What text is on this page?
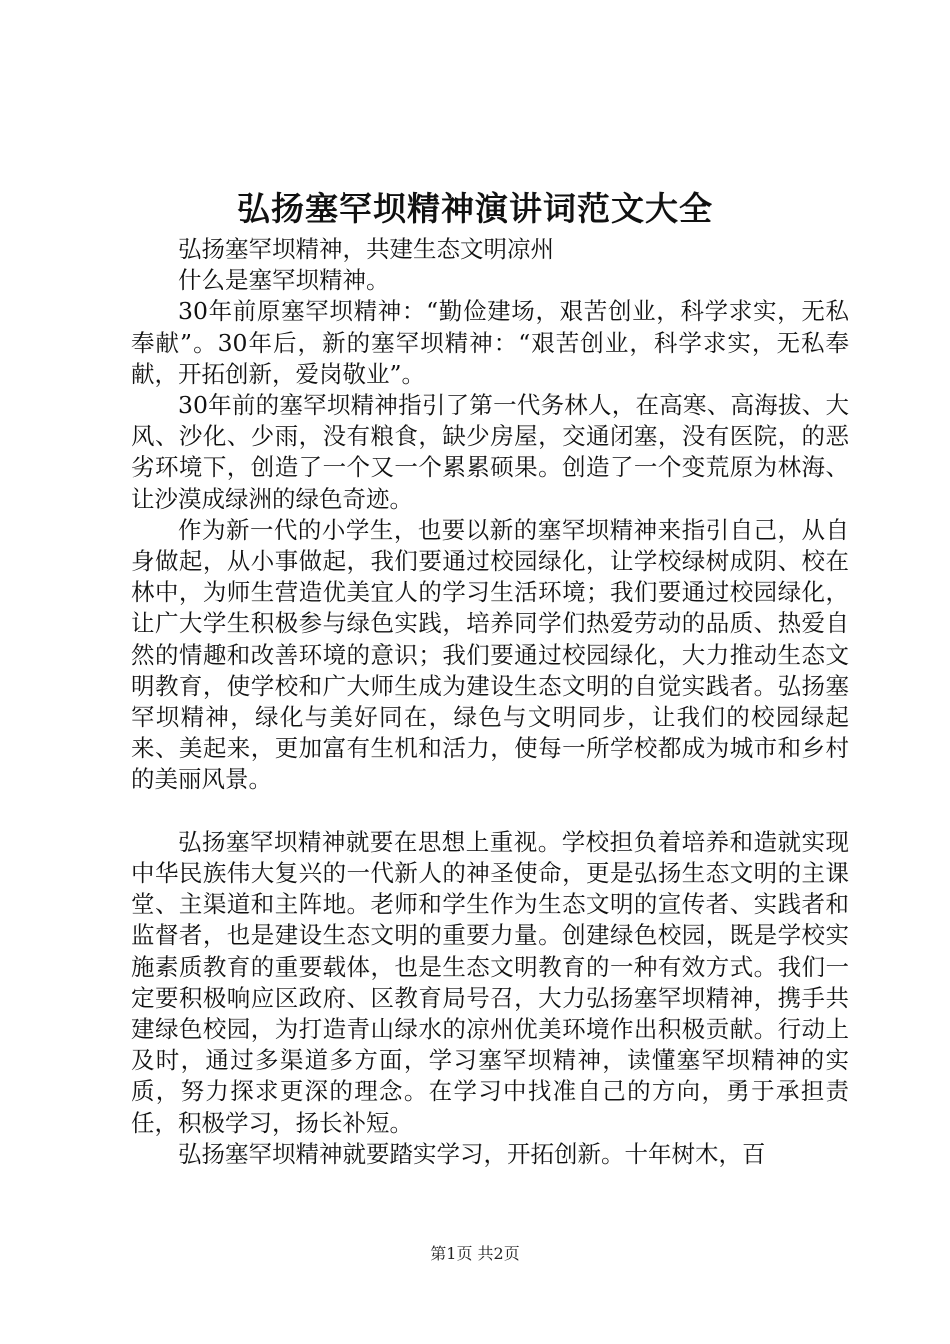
弘扬塞罕坝精神演讲词范文大全

弘扬塞罕坝精神，共建生态文明凉州

什么是塞罕坝精神。

30年前原塞罕坝精神：“勤俭建场，艰苦创业，科学求实，无私奉献”。30年后，新的塞罕坝精神：“艰苦创业，科学求实，无私奉献，开拓创新，爱岗敬业”。

30年前的塞罕坝精神指引了第一代务林人，在高寒、高海拔、大风、沙化、少雨，没有粮食，缺少房屋，交通闭塞，没有医院，的恶劣环境下，创造了一个又一个累累硕果。创造了一个变荒原为林海、让沙漠成绿洲的绿色奇迹。

作为新一代的小学生，也要以新的塞罕坝精神来指引自己，从自身做起，从小事做起，我们要通过校园绿化，让学校绿树成阴、校在林中，为师生营造优美宜人的学习生活环境；我们要通过校园绿化，让广大学生积极参与绿色实践，培养同学们热爱劳动的品质、热爱自然的情趣和改善环境的意识；我们要通过校园绿化，大力推动生态文明教育，使学校和广大师生成为建设生态文明的自觉实践者。弘扬塞罕坝精神，绿化与美好同在，绿色与文明同步，让我们的校园绿起来、美起来，更加富有生机和活力，使每一所学校都成为城市和乡村的美丽风景。

弘扬塞罕坝精神就要在思想上重视。学校担负着培养和造就实现中华民族伟大复兴的一代新人的神圣使命，更是弘扬生态文明的主课堂、主渠道和主阵地。老师和学生作为生态文明的宣传者、实践者和监督者，也是建设生态文明的重要力量。创建绿色校园，既是学校实施素质教育的重要载体，也是生态文明教育的一种有效方式。我们一定要积极响应区政府、区教育局号召，大力弘扬塞罕坝精神，携手共建绿色校园，为打造青山绿水的凉州优美环境作出积极贡献。行动上及时，通过多渠道多方面，学习塞罕坝精神，读懂塞罕坝精神的实质，努力探求更深的理念。在学习中找准自己的方向，勇于承担责任，积极学习，扬长补短。

弘扬塞罕坝精神就要踏实学习，开拓创新。十年树木，百

第1页 共2页
